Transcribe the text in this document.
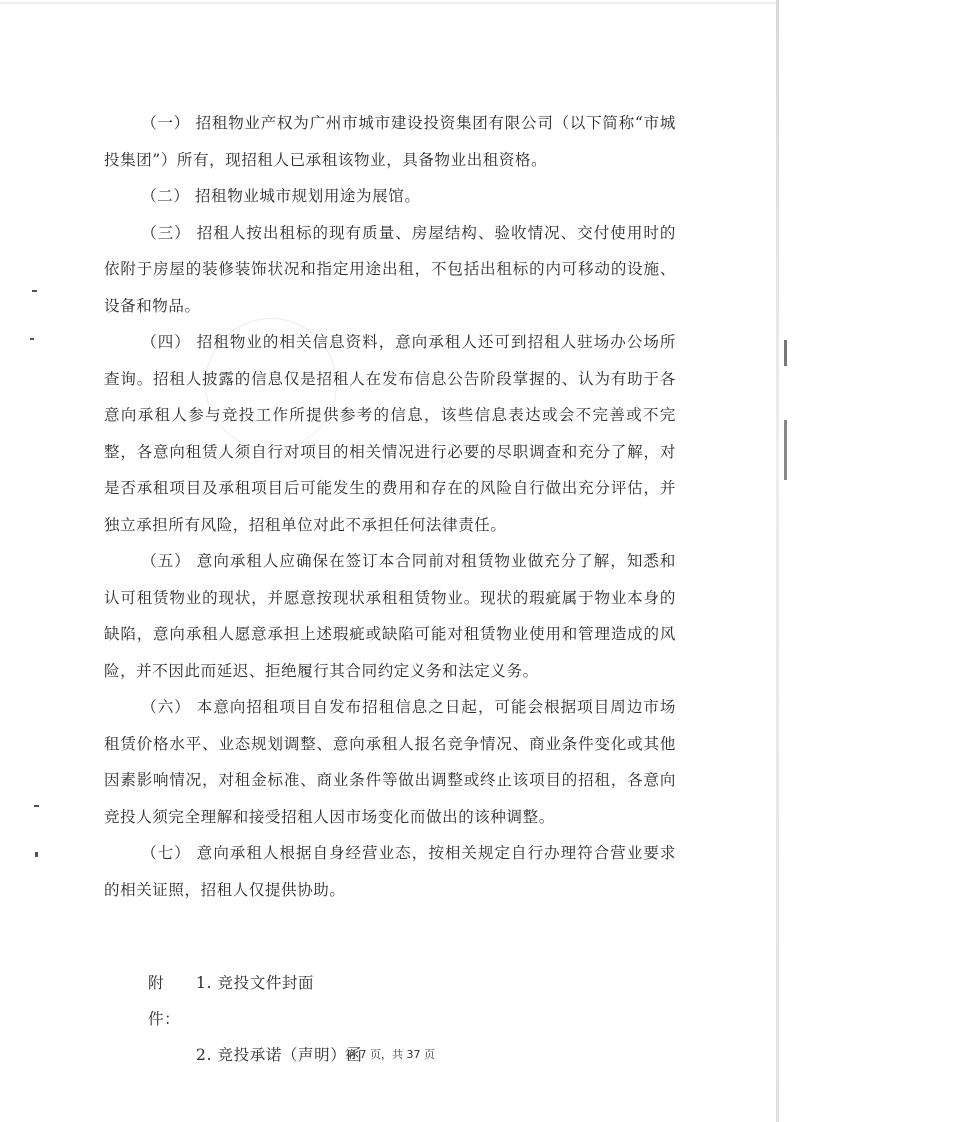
（一） 招租物业产权为广州市城市建设投资集团有限公司（以下简称“市城投集团”）所有，现招租人已承租该物业，具备物业出租资格。

（二） 招租物业城市规划用途为展馆。

（三） 招租人按出租标的现有质量、房屋结构、验收情况、交付使用时的依附于房屋的装修装饰状况和指定用途出租，不包括出租标的内可移动的设施、设备和物品。

（四） 招租物业的相关信息资料，意向承租人还可到招租人驻场办公场所查询。招租人披露的信息仅是招租人在发布信息公告阶段掌握的、认为有助于各意向承租人参与竞投工作所提供参考的信息，该些信息表达或会不完善或不完整，各意向租赁人须自行对项目的相关情况进行必要的尽职调查和充分了解，对是否承租项目及承租项目后可能发生的费用和存在的风险自行做出充分评估，并独立承担所有风险，招租单位对此不承担任何法律责任。

（五） 意向承租人应确保在签订本合同前对租赁物业做充分了解，知悉和认可租赁物业的现状，并愿意按现状承租租赁物业。现状的瑕疵属于物业本身的缺陷，意向承租人愿意承担上述瑕疵或缺陷可能对租赁物业使用和管理造成的风险，并不因此而延迟、拒绝履行其合同约定义务和法定义务。

（六） 本意向招租项目自发布招租信息之日起，可能会根据项目周边市场租赁价格水平、业态规划调整、意向承租人报名竞争情况、商业条件变化或其他因素影响情况，对租金标准、商业条件等做出调整或终止该项目的招租，各意向竞投人须完全理解和接受招租人因市场变化而做出的该种调整。

（七） 意向承租人根据自身经营业态，按相关规定自行办理符合营业要求的相关证照，招租人仅提供协助。

附件：
1. 竞投文件封面
2. 竞投承诺（声明）函
第 7 页，共 37 页
